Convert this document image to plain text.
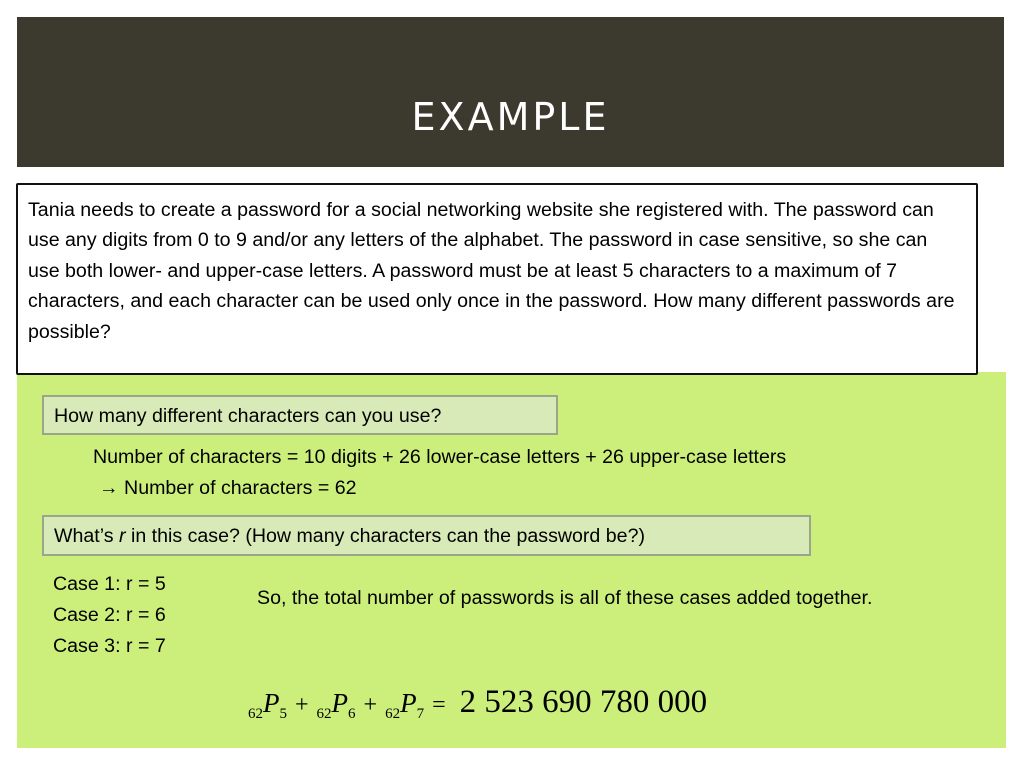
EXAMPLE
Tania needs to create a password for a social networking website she registered with. The password can use any digits from 0 to 9 and/or any letters of the alphabet. The password in case sensitive, so she can use both lower- and upper-case letters. A password must be at least 5 characters to a maximum of 7 characters, and each character can be used only once in the password. How many different passwords are possible?
How many different characters can you use?
Number of characters = 10 digits + 26 lower-case letters + 26 upper-case letters
→ Number of characters = 62
What’s r in this case? (How many characters can the password be?)
Case 1: r = 5
Case 2: r = 6
Case 3: r = 7
So, the total number of passwords is all of these cases added together.
62P5 + 62P6 + 62P7 = 2 523 690 780 000
